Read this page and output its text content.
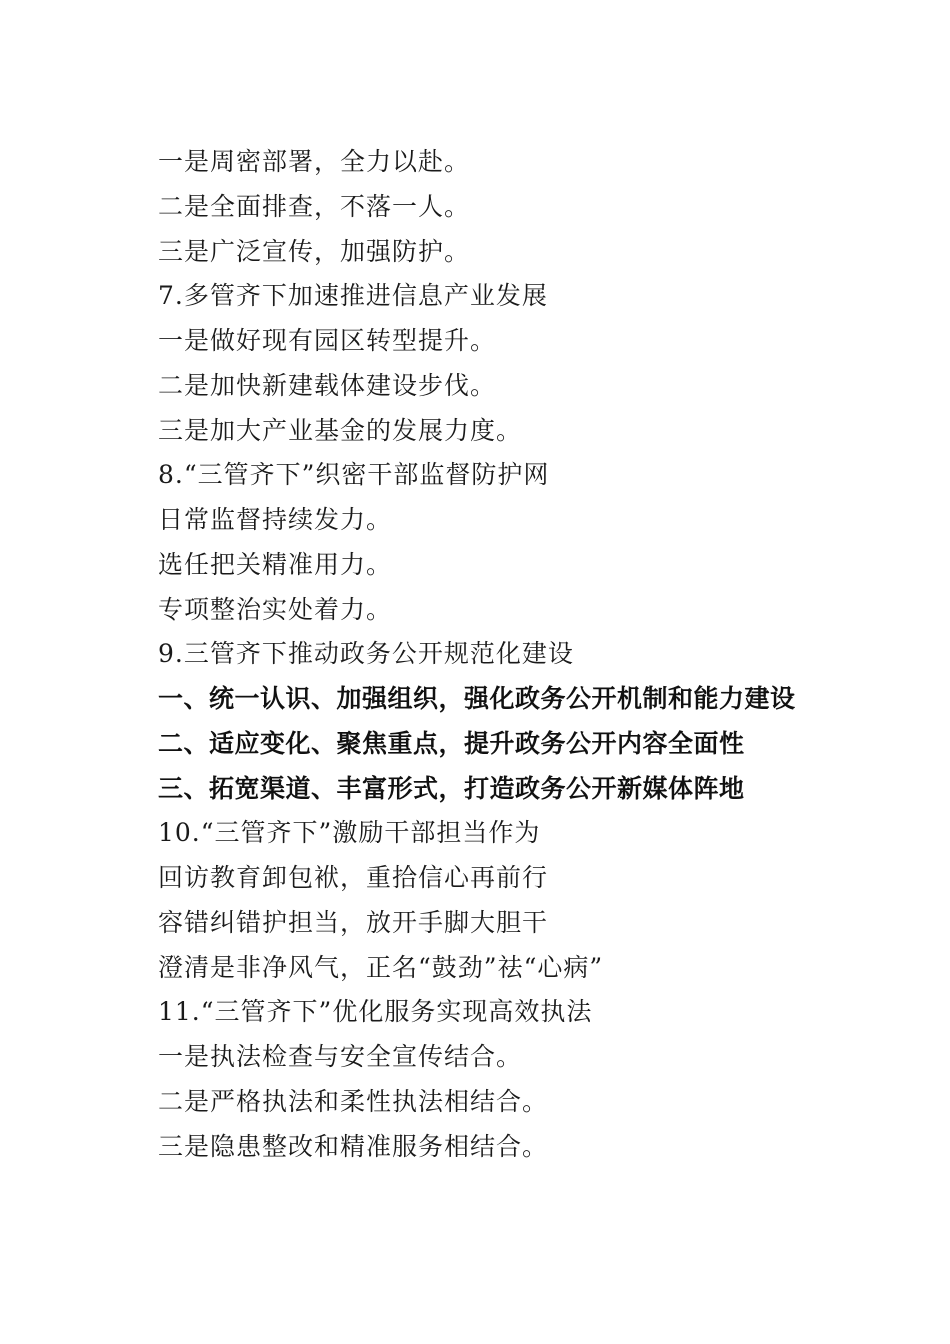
一是周密部署，全力以赴。
二是全面排查，不落一人。
三是广泛宣传，加强防护。
7.多管齐下加速推进信息产业发展
一是做好现有园区转型提升。
二是加快新建载体建设步伐。
三是加大产业基金的发展力度。
8.“三管齐下”织密干部监督防护网
日常监督持续发力。
选任把关精准用力。
专项整治实处着力。
9.三管齐下推动政务公开规范化建设
一、统一认识、加强组织，强化政务公开机制和能力建设
二、适应变化、聚焦重点，提升政务公开内容全面性
三、拓宽渠道、丰富形式，打造政务公开新媒体阵地
10.“三管齐下”激励干部担当作为
回访教育卸包袱，重拾信心再前行
容错纠错护担当，放开手脚大胆干
澄清是非净风气，正名“鼓劲”祛“心病”
11.“三管齐下”优化服务实现高效执法
一是执法检查与安全宣传结合。
二是严格执法和柔性执法相结合。
三是隐患整改和精准服务相结合。
